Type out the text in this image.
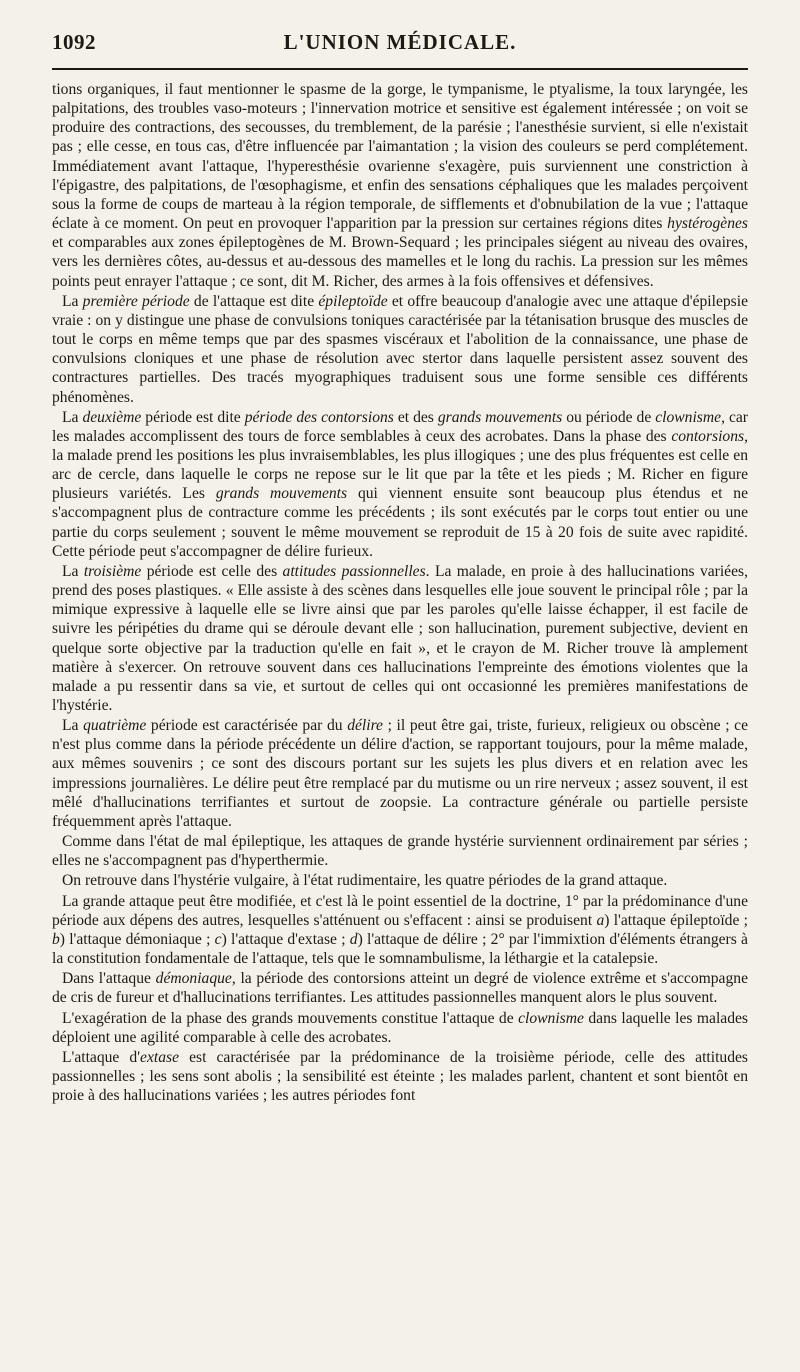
1092	L'UNION MÉDICALE.

tions organiques, il faut mentionner le spasme de la gorge, le tympanisme, le ptyalisme, la toux laryngée, les palpitations, des troubles vaso-moteurs ; l'innervation motrice et sensitive est également intéressée ; on voit se produire des contractions, des secousses, du tremblement, de la parésie ; l'anesthésie survient, si elle n'existait pas ; elle cesse, en tous cas, d'être influencée par l'aimantation ; la vision des couleurs se perd complétement. Immédiatement avant l'attaque, l'hyperesthésie ovarienne s'exagère, puis surviennent une constriction à l'épigastre, des palpitations, de l'œsophagisme, et enfin des sensations céphaliques que les malades perçoivent sous la forme de coups de marteau à la région temporale, de sifflements et d'obnubilation de la vue ; l'attaque éclate à ce moment. On peut en provoquer l'apparition par la pression sur certaines régions dites hystérogènes et comparables aux zones épileptogènes de M. Brown-Sequard ; les principales siégent au niveau des ovaires, vers les dernières côtes, au-dessus et au-dessous des mamelles et le long du rachis. La pression sur les mêmes points peut enrayer l'attaque ; ce sont, dit M. Richer, des armes à la fois offensives et défensives.

La première période de l'attaque est dite épileptoïde et offre beaucoup d'analogie avec une attaque d'épilepsie vraie : on y distingue une phase de convulsions toniques caractérisée par la tétanisation brusque des muscles de tout le corps en même temps que par des spasmes viscéraux et l'abolition de la connaissance, une phase de convulsions cloniques et une phase de résolution avec stertor dans laquelle persistent assez souvent des contractures partielles. Des tracés myographiques traduisent sous une forme sensible ces différents phénomènes.

La deuxième période est dite période des contorsions et des grands mouvements ou période de clownisme, car les malades accomplissent des tours de force semblables à ceux des acrobates. Dans la phase des contorsions, la malade prend les positions les plus invraisemblables, les plus illogiques ; une des plus fréquentes est celle en arc de cercle, dans laquelle le corps ne repose sur le lit que par la tête et les pieds ; M. Richer en figure plusieurs variétés. Les grands mouvements qui viennent ensuite sont beaucoup plus étendus et ne s'accompagnent plus de contracture comme les précédents ; ils sont exécutés par le corps tout entier ou une partie du corps seulement ; souvent le même mouvement se reproduit de 15 à 20 fois de suite avec rapidité. Cette période peut s'accompagner de délire furieux.

La troisième période est celle des attitudes passionnelles. La malade, en proie à des hallucinations variées, prend des poses plastiques. « Elle assiste à des scènes dans lesquelles elle joue souvent le principal rôle ; par la mimique expressive à laquelle elle se livre ainsi que par les paroles qu'elle laisse échapper, il est facile de suivre les péripéties du drame qui se déroule devant elle ; son hallucination, purement subjective, devient en quelque sorte objective par la traduction qu'elle en fait », et le crayon de M. Richer trouve là amplement matière à s'exercer. On retrouve souvent dans ces hallucinations l'empreinte des émotions violentes que la malade a pu ressentir dans sa vie, et surtout de celles qui ont occasionné les premières manifestations de l'hystérie.

La quatrième période est caractérisée par du délire ; il peut être gai, triste, furieux, religieux ou obscène ; ce n'est plus comme dans la période précédente un délire d'action, se rapportant toujours, pour la même malade, aux mêmes souvenirs ; ce sont des discours portant sur les sujets les plus divers et en relation avec les impressions journalières. Le délire peut être remplacé par du mutisme ou un rire nerveux ; assez souvent, il est mêlé d'hallucinations terrifiantes et surtout de zoopsie. La contracture générale ou partielle persiste fréquemment après l'attaque.

Comme dans l'état de mal épileptique, les attaques de grande hystérie surviennent ordinairement par séries ; elles ne s'accompagnent pas d'hyperthermie.

On retrouve dans l'hystérie vulgaire, à l'état rudimentaire, les quatre périodes de la grand attaque.

La grande attaque peut être modifiée, et c'est là le point essentiel de la doctrine, 1° par la prédominance d'une période aux dépens des autres, lesquelles s'atténuent ou s'effacent : ainsi se produisent a) l'attaque épileptoïde ; b) l'attaque démoniaque ; c) l'attaque d'extase ; d) l'attaque de délire ; 2° par l'immixtion d'éléments étrangers à la constitution fondamentale de l'attaque, tels que le somnambulisme, la léthargie et la catalepsie.

Dans l'attaque démoniaque, la période des contorsions atteint un degré de violence extrême et s'accompagne de cris de fureur et d'hallucinations terrifiantes. Les attitudes passionnelles manquent alors le plus souvent.

L'exagération de la phase des grands mouvements constitue l'attaque de clownisme dans laquelle les malades déploient une agilité comparable à celle des acrobates.

L'attaque d'extase est caractérisée par la prédominance de la troisième période, celle des attitudes passionnelles ; les sens sont abolis ; la sensibilité est éteinte ; les malades parlent, chantent et sont bientôt en proie à des hallucinations variées ; les autres périodes font
